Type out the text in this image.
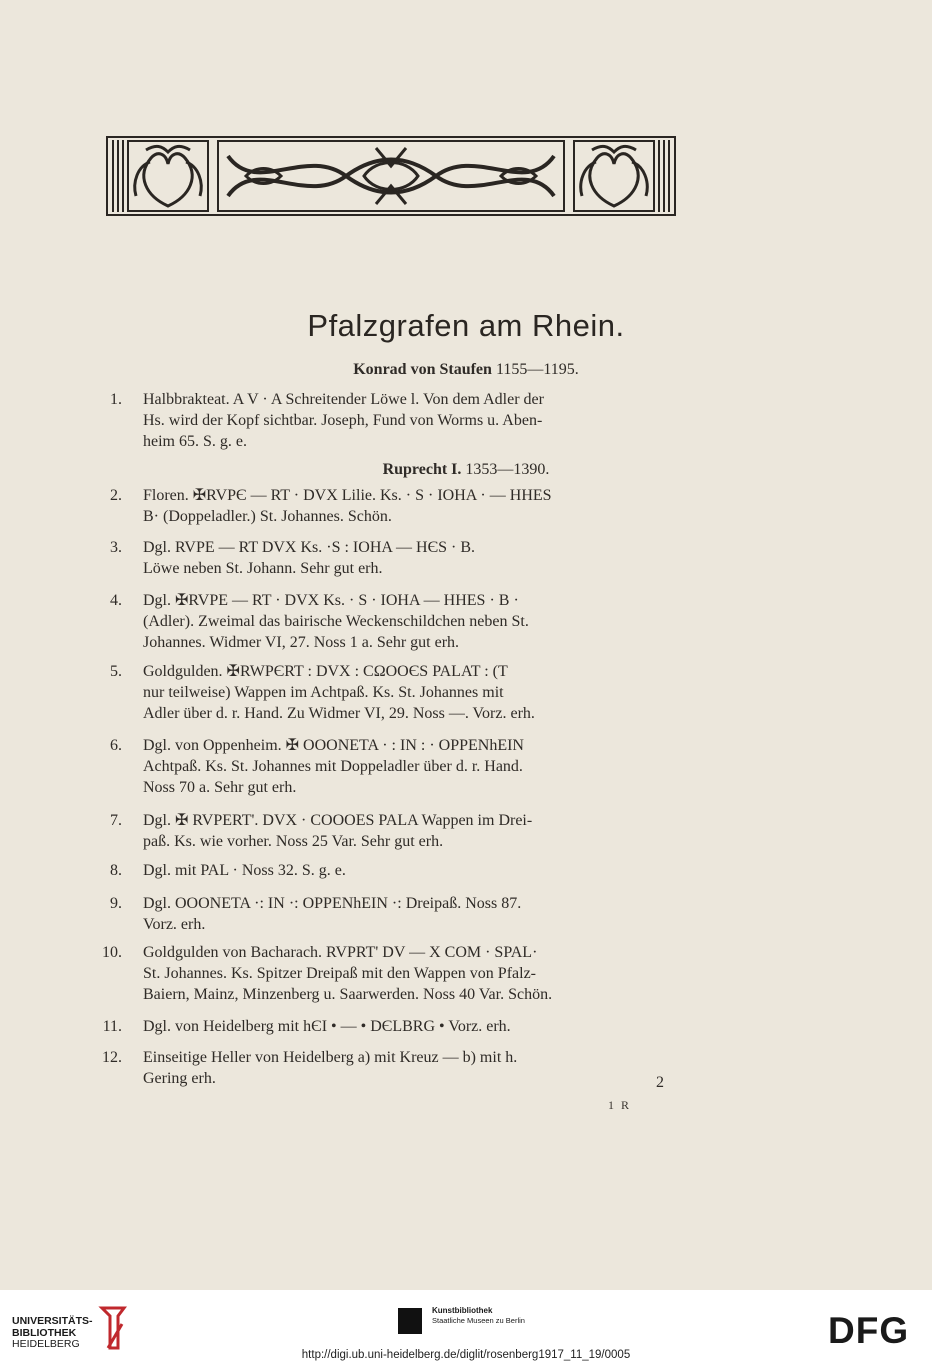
Pfalzgrafen am Rhein.
Konrad von Staufen 1155—1195.
1. Halbbrakteat. A V · A Schreitender Löwe l. Von dem Adler der
Hs. wird der Kopf sichtbar. Joseph, Fund von Worms u. Aben-
heim 65. S. g. e.
Ruprecht I. 1353—1390.
2. Floren. ✠RVPЄ — RT · DVX Lilie. Ks. · S · IOHA · — HHES
B· (Doppeladler.) St. Johannes. Schön.
3. Dgl. RVPE — RT DVX Ks. ·S : IOHA — HЄS · B.
Löwe neben St. Johann. Sehr gut erh.
4. Dgl. ✠RVPE — RT · DVX Ks. · S · IOHA — HHES · B ·
(Adler). Zweimal das bairische Weckenschildchen neben St.
Johannes. Widmer VI, 27. Noss 1 a. Sehr gut erh.
5. Goldgulden. ✠RWPЄRT : DVX : CΩOOЄS PALAT : (T
nur teilweise) Wappen im Achtpaß. Ks. St. Johannes mit
Adler über d. r. Hand. Zu Widmer VI, 29. Noss —. Vorz. erh.
6. Dgl. von Oppenheim. ✠ OOONETA · : IN : · OPPENhEIN
Achtpaß. Ks. St. Johannes mit Doppeladler über d. r. Hand.
Noss 70 a. Sehr gut erh.
7. Dgl. ✠ RVPERT'. DVX · COOOES PALA Wappen im Drei-
paß. Ks. wie vorher. Noss 25 Var. Sehr gut erh.
8. Dgl. mit PAL · Noss 32. S. g. e.
9. Dgl. OOONETA ·: IN ·: OPPENhEIN ·: Dreipaß. Noss 87.
Vorz. erh.
10. Goldgulden von Bacharach. RVPRT' DV — X COM · SPAL·
St. Johannes. Ks. Spitzer Dreipaß mit den Wappen von Pfalz-
Baiern, Mainz, Minzenberg u. Saarwerden. Noss 40 Var. Schön.
11. Dgl. von Heidelberg mit hЄI • — • DЄLBRG • Vorz. erh.
12. Einseitige Heller von Heidelberg a) mit Kreuz — b) mit h.
Gering erh.	2
1 R
UNIVERSITÄTS-
BIBLIOTHEK
HEIDELBERG
Kunstbibliothek
Staatliche Museen zu Berlin	DFG
http://digi.ub.uni-heidelberg.de/diglit/rosenberg1917_11_19/0005
